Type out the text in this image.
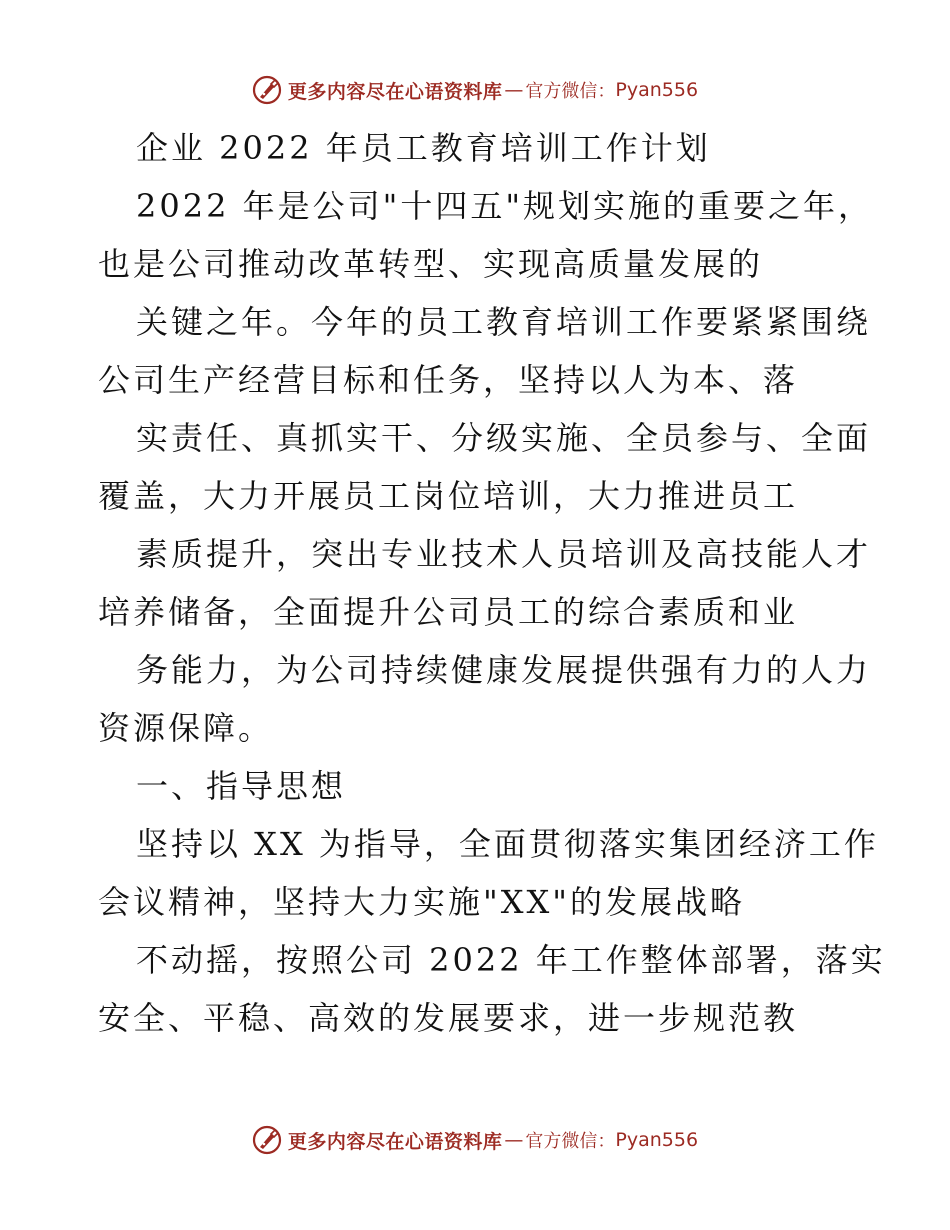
更多内容尽在心语资料库 — 官方微信： Pyan556
企业 2022 年员工教育培训工作计划
2022 年是公司"十四五"规划实施的重要之年，
也是公司推动改革转型、实现高质量发展的
关键之年。今年的员工教育培训工作要紧紧围绕
公司生产经营目标和任务，坚持以人为本、落
实责任、真抓实干、分级实施、全员参与、全面
覆盖，大力开展员工岗位培训，大力推进员工
素质提升，突出专业技术人员培训及高技能人才
培养储备，全面提升公司员工的综合素质和业
务能力，为公司持续健康发展提供强有力的人力
资源保障。
一、指导思想
坚持以 XX 为指导，全面贯彻落实集团经济工作
会议精神，坚持大力实施"XX"的发展战略
不动摇，按照公司 2022 年工作整体部署，落实
安全、平稳、高效的发展要求，进一步规范教
更多内容尽在心语资料库 — 官方微信： Pyan556
